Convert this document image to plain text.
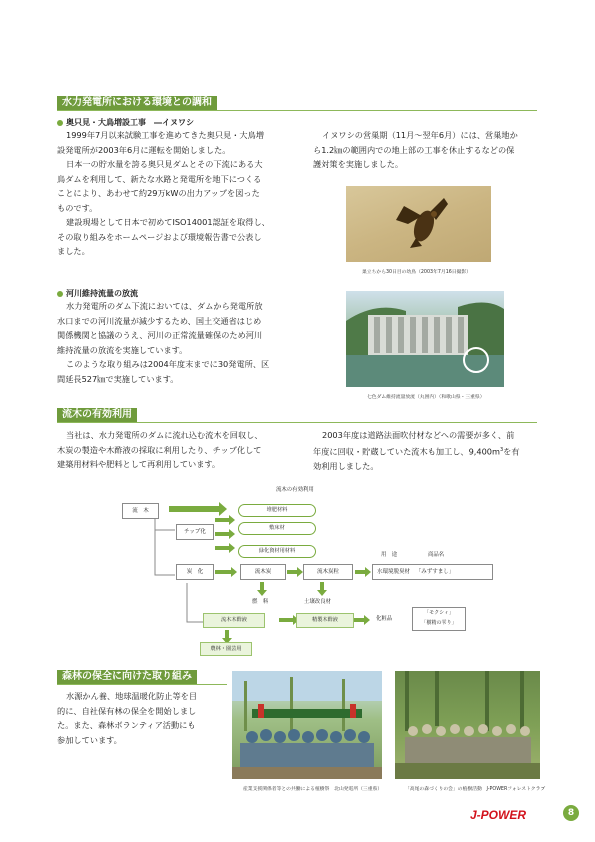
水力発電所における環境との調和
奥只見・大鳥増設工事　―イヌワシ
1999年7月以来試験工事を進めてきた奥只見・大鳥増
設発電所が2003年6月に運転を開始しました。
日本一の貯水量を誇る奥只見ダムとその下流にある大
鳥ダムを利用して、新たな水路と発電所を地下につくる
ことにより、あわせて約29万kWの出力アップを図った
ものです。
建設現場として日本で初めてISO14001認証を取得し、
その取り組みをホームページおよび環境報告書で公表し
ました。
イヌワシの営巣期（11月～翌年6月）には、営巣地か
ら1.2㎞の範囲内での地上部の工事を休止するなどの保
護対策を実施しました。
巣立ちから30日目の幼鳥（2003年7月16日撮影）
河川維持流量の放流
水力発電所のダム下流においては、ダムから発電所放
水口までの河川流量が減少するため、国土交通省はじめ
関係機関と協議のうえ、河川の正常流量確保のため河川
維持流量の放流を実施しています。
このような取り組みは2004年度末までに30発電所、区
間延長527㎞で実施しています。
七色ダム維持流量放流（丸囲内）（和歌山県・三重県）
流木の有効利用
当社は、水力発電所のダムに流れ込む流木を回収し、
木炭の製造や木酢液の採取に利用したり、チップ化して
建築用材料や肥料として再利用しています。
2003年度は道路法面吹付材などへの需要が多く、前
年度に回収・貯蔵していた流木も加工し、$9,400m^3$を有
効利用しました。
流木の有効利用
流　木
チップ化
堆肥材料
敷床材
緑化資材用材料
炭　化	流木炭	流木炭粒
燃　料	土壌改良材
用　途	商品名
水環境脱臭材 「みずすまし」
流木木酢液	精製木酢液	化粧品
「モクシィ」
「樹精の雫り」
農林・園芸用
森林の保全に向けた取り組み
水源かん養、地球温暖化防止等を目
的に、自社保有林の保全を開始しまし
た。また、森林ボランティア活動にも
参加しています。
産業支援関係者等との共働による植樹祭　北山発電所（三重県）	「高尾の森づくりの会」の植樹活動　J-POWERフォレストクラブ
J-POWER	8
